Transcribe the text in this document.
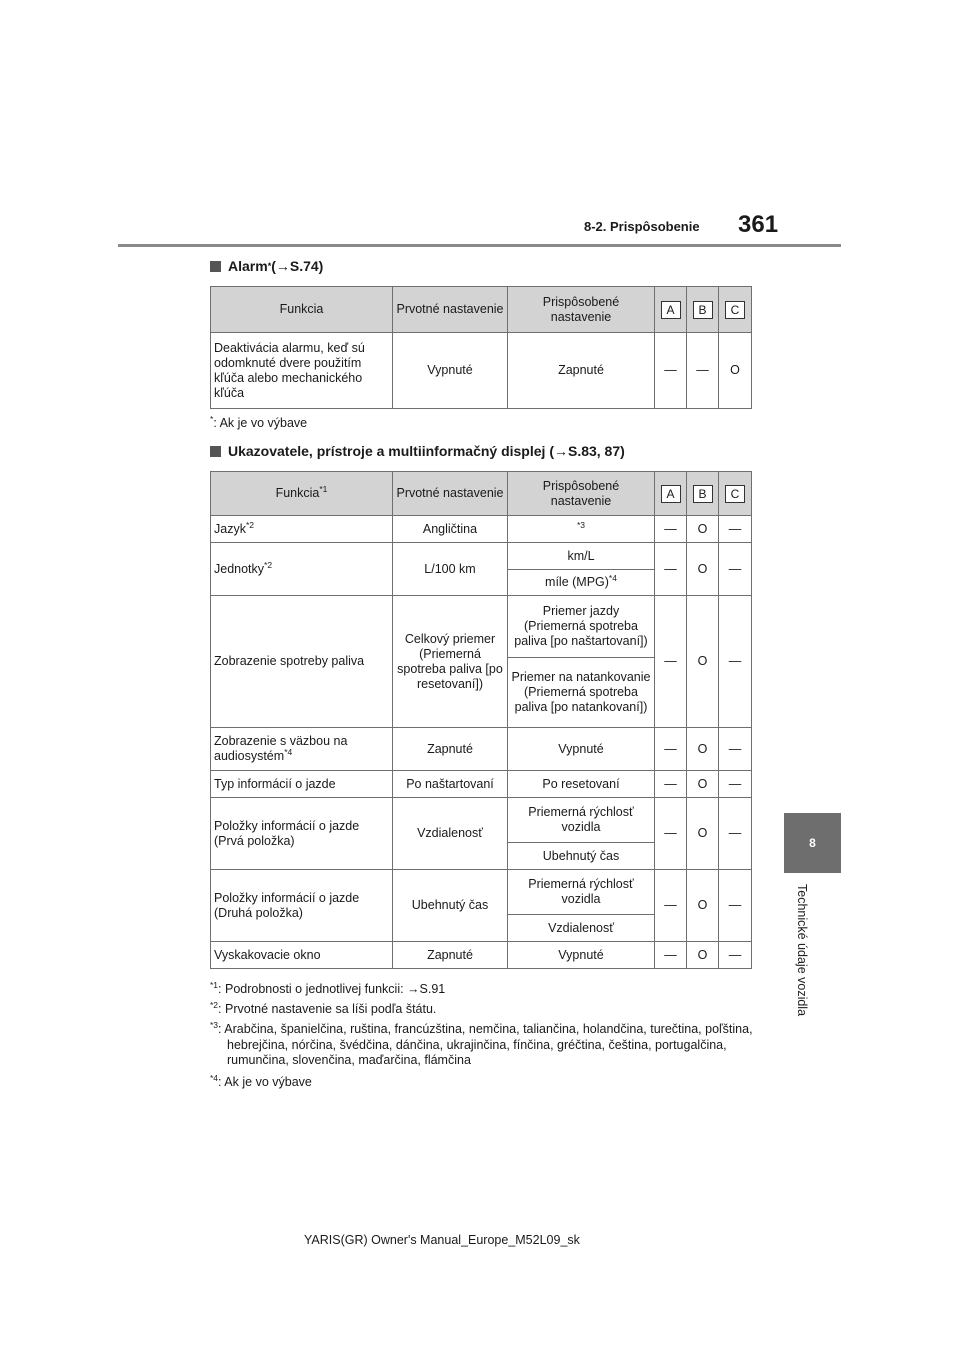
8-2. Prispôsobenie 361
8
Technické údaje vozidla
Alarm * (→S.74)
Funkcia	Prvotné nastavenie	Prispôsobené nastavenie	A	B	C
Deaktivácia alarmu, keď sú odomknuté dvere použitím kľúča alebo mechanického kľúča	Vypnuté	Zapnuté	—	—	O
*: Ak je vo výbave
Ukazovatele, prístroje a multiinformačný displej (→S.83, 87)
Funkcia$^{*1}$	Prvotné nastavenie	Prispôsobené nastavenie	A	B	C
Jazyk$^{*2}$	Angličtina	$^{*3}$	—	O	—
Jednotky$^{*2}$	L/100 km	km/L	—	O	—
		míle (MPG)$^{*4}$
Zobrazenie spotreby paliva	Celkový priemer (Priemerná spotreba paliva [po resetovaní])	Priemer jazdy (Priemerná spotreba paliva [po naštartovaní])	—	O	—
		Priemer na natankovanie (Priemerná spotreba paliva [po natankovaní])			
Zobrazenie s väzbou na audiosystém$^{*4}$	Zapnuté	Vypnuté	—	O	—
Typ informácií o jazde	Po naštartovaní	Po resetovaní	—	O	—
Položky informácií o jazde (Prvá položka)	Vzdialenosť	Priemerná rýchlosť vozidla	—	O	—
		Ubehnutý čas			
Položky informácií o jazde (Druhá položka)	Ubehnutý čas	Priemerná rýchlosť vozidla	—	O	—
		Vzdialenosť			
Vyskakovacie okno	Zapnuté	Vypnuté	—	O	—
$^{*1}$: Podrobnosti o jednotlivej funkcii: →S.91
$^{*2}$: Prvotné nastavenie sa líši podľa štátu.
$^{*3}$: Arabčina, španielčina, ruština, francúzština, nemčina, taliančina, holandčina, turečtina, poľština, hebrejčina, nórčina, švédčina, dánčina, ukrajinčina, fínčina, gréčtina, čeština, portugalčina, rumunčina, slovenčina, maďarčina, flámčina
$^{*4}$: Ak je vo výbave
YARIS(GR) Owner's Manual_Europe_M52L09_sk
